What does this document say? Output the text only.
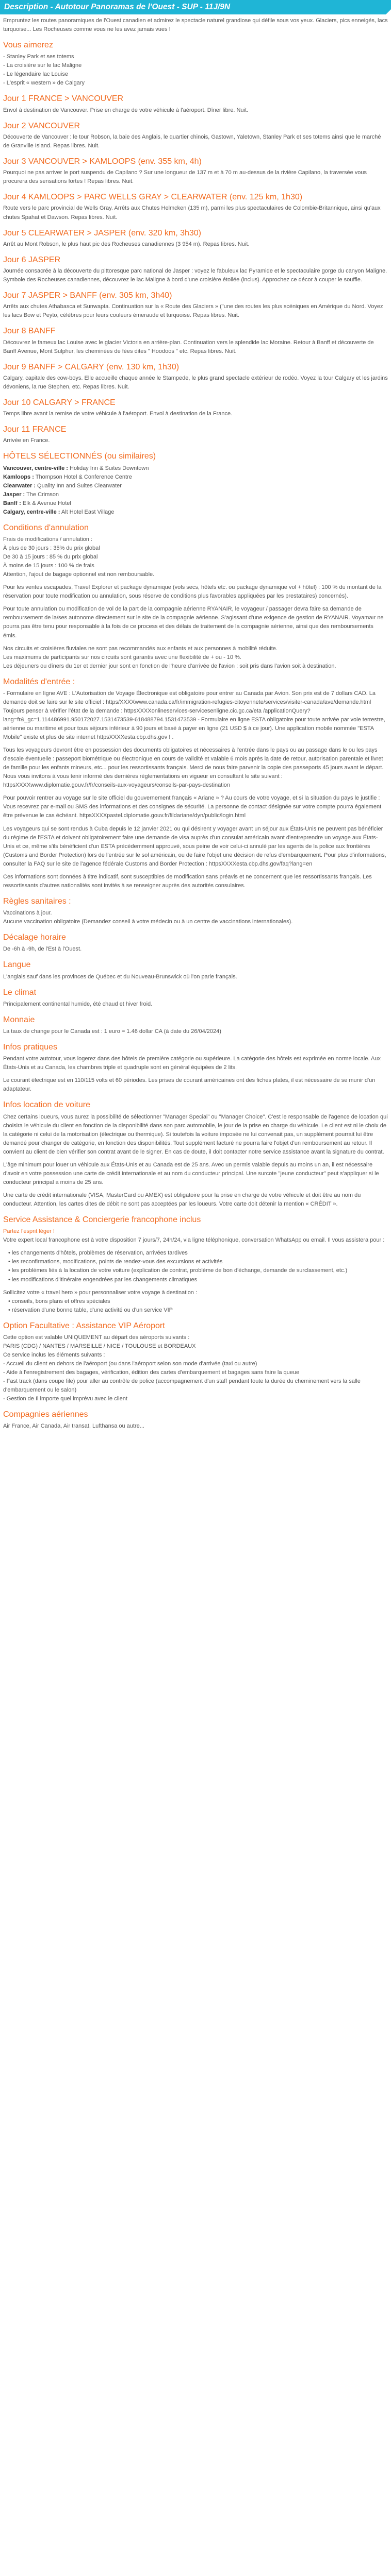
Description - Autotour Panoramas de l'Ouest - SUP - 11J/9N

Empruntez les routes panoramiques de l'Ouest canadien et admirez le spectacle naturel grandiose qui défile sous vos yeux. Glaciers, pics enneigés, lacs turquoise... Les Rocheuses comme vous ne les avez jamais vues !

Vous aimerez
- Stanley Park et ses totems
- La croisière sur le lac Maligne
- Le légendaire lac Louise
- L'esprit « western » de Calgary
Jour 1 FRANCE > VANCOUVER

Envol à destination de Vancouver. Prise en charge de votre véhicule à l'aéroport. Dîner libre. Nuit.

Jour 2 VANCOUVER

Découverte de Vancouver : le tour Robson, la baie des Anglais, le quartier chinois, Gastown, Yaletown, Stanley Park et ses totems ainsi que le marché de Granville Island. Repas libres. Nuit.

Jour 3 VANCOUVER > KAMLOOPS (env. 355 km, 4h)

Pourquoi ne pas arriver le port suspendu de Capilano ? Sur une longueur de 137 m et à 70 m au-dessus de la rivière Capilano, la traversée vous procurera des sensations fortes ! Repas libres. Nuit.

Jour 4 KAMLOOPS > PARC WELLS GRAY > CLEARWATER (env. 125 km, 1h30)

Route vers le parc provincial de Wells Gray. Arrêts aux Chutes Helmcken (135 m), parmi les plus spectaculaires de Colombie-Britannique, ainsi qu'aux chutes Spahat et Dawson. Repas libres. Nuit.

Jour 5 CLEARWATER > JASPER (env. 320 km, 3h30)

Arrêt au Mont Robson, le plus haut pic des Rocheuses canadiennes (3 954 m). Repas libres. Nuit.

Jour 6 JASPER

Journée consacrée à la découverte du pittoresque parc national de Jasper : voyez le fabuleux lac Pyramide et le spectaculaire gorge du canyon Maligne. Symbole des Rocheuses canadiennes, découvrez le lac Maligne à bord d'une croisière étoilée (inclus). Approchez ce décor à couper le souffle.

Jour 7 JASPER > BANFF (env. 305 km, 3h40)

Arrêts aux chutes Athabasca et Sunwapta. Continuation sur la « Route des Glaciers » ("une des routes les plus scéniques en Amérique du Nord. Voyez les lacs Bow et Peyto, célèbres pour leurs couleurs émeraude et turquoise. Repas libres. Nuit.

Jour 8 BANFF

Découvrez le fameux lac Louise avec le glacier Victoria en arrière-plan. Continuation vers le splendide lac Moraine. Retour à Banff et découverte de Banff Avenue, Mont Sulphur, les cheminées de fées dites " Hoodoos " etc. Repas libres. Nuit.

Jour 9 BANFF > CALGARY (env. 130 km, 1h30)

Calgary, capitale des cow-boys. Elle accueille chaque année le Stampede, le plus grand spectacle extérieur de rodéo. Voyez la tour Calgary et les jardins dévoniens, la rue Stephen, etc. Repas libres. Nuit.

Jour 10 CALGARY > FRANCE

Temps libre avant la remise de votre véhicule à l'aéroport. Envol à destination de la France.

Jour 11 FRANCE

Arrivée en France.

HÔTELS SÉLECTIONNÉS (ou similaires)
Vancouver, centre-ville : Holiday Inn & Suites Downtown
Kamloops : Thompson Hotel & Conference Centre
Clearwater : Quality Inn and Suites Clearwater
Jasper : The Crimson
Banff : Elk & Avenue Hotel
Calgary, centre-ville : Alt Hotel East Village
Conditions d'annulation
Frais de modifications / annulation :
À plus de 30 jours : 35% du prix global
De 30 à 15 jours : 85 % du prix global
À moins de 15 jours : 100 % de frais
Attention, l'ajout de bagage optionnel est non remboursable.

Pour les ventes escapades, Travel Explorer et package dynamique (vols secs, hôtels etc. ou package dynamique vol + hôtel) : 100 % du montant de la réservation pour toute modification ou annulation, sous réserve de conditions plus favorables appliquées par les prestataires) concernés).

Pour toute annulation ou modification de vol de la part de la compagnie aérienne RYANAIR, le voyageur / passager devra faire sa demande de remboursement de la/ses autonome directement sur le site de la compagnie aérienne. S'agissant d'une exigence de gestion de RYANAIR. Voyamaır ne pourra pas être tenu pour responsable à la fois de ce process et des délais de traitement de la compagnie aérienne, ainsi que des remboursements émis.

Nos circuits et croisières fluviales ne sont pas recommandés aux enfants et aux personnes à mobilité réduite.
Les maximums de participants sur nos circuits sont garantis avec une flexibilité de + ou - 10 %.
Les déjeuners ou dîners du 1er et dernier jour sont en fonction de l'heure d'arrivée de l'avion : soit pris dans l'avion soit à destination.
Modalités d'entrée :

- Formulaire en ligne AVE : L'Autorisation de Voyage Électronique est obligatoire pour entrer au Canada par Avion. Son prix est de 7 dollars CAD. La demande doit se faire sur le site officiel : https/XXXXwww.canada.ca/fr/immigration-refugies-citoyennete/services/visiter-canada/ave/demande.html Toujours penser à vérifier l'état de la demande : httpsXXXXonlineservices-servicesenligne.cic.gc.ca/eta /applicationQuery?lang=fr&_gc=1.114486991.950172027.1531473539-618488794.1531473539 - Formulaire en ligne ESTA obligatoire pour toute arrivée par voie terrestre, aérienne ou maritime et pour tous séjours inférieur à 90 jours et basé à payer en ligne (21 USD $ à ce jour). Une application mobile nommée "ESTA Mobile" existe et plus de site internet httpsXXXXesta.cbp.dhs.gov ! .

Tous les voyageurs devront être en possession des documents obligatoires et nécessaires à l'entrée dans le pays ou au passage dans le ou les pays d'escale éventuelle : passeport biométrique ou électronique en cours de validité et valable 6 mois après la date de retour, autorisation parentale et livret de famille pour les enfants mineurs, etc... pour les ressortissants français. Merci de nous faire parvenir la copie des passeports 45 jours avant le départ. Nous vous invitons à vous tenir informé des dernières réglementations en vigueur en consultant le site suivant : httpsXXXXwww.diplomatie.gouv.fr/fr/conseils-aux-voyageurs/conseils-par-pays-destination

Pour pouvoir rentrer au voyage sur le site officiel du gouvernement français « Ariane » ? Au cours de votre voyage, et si la situation du pays le justifie : Vous recevrez par e-mail ou SMS des informations et des consignes de sécurité. La personne de contact désignée sur votre compte pourra également être prévenue le cas échéant. httpsXXXXpastel.diplomatie.gouv.fr/fildariane/dyn/public/login.html

Les voyageurs qui se sont rendus à Cuba depuis le 12 janvier 2021 ou qui désirent y voyager avant un séjour aux États-Unis ne peuvent pas bénéficier du régime de l'ESTA et doivent obligatoirement faire une demande de visa auprès d'un consulat américain avant d'entreprendre un voyage aux États-Unis et ce, même s'ils bénéficient d'un ESTA précédemment approuvé, sous peine de voir celui-ci annulé par les agents de la police aux frontières (Customs and Border Protection) lors de l'entrée sur le sol américain, ou de faire l'objet une décision de refus d'embarquement. Pour plus d'informations, consulter la FAQ sur le site de l'agence fédérale Customs and Border Protection : httpsXXXXesta.cbp.dhs.gov/faq?lang=en

Ces informations sont données à titre indicatif, sont susceptibles de modification sans préavis et ne concernent que les ressortissants français. Les ressortissants d'autres nationalités sont invités à se renseigner auprès des autorités consulaires.

Règles sanitaires :
Vaccinations à jour.
Aucune vaccination obligatoire (Demandez conseil à votre médecin ou à un centre de vaccinations internationales).
Décalage horaire

De -6h à -9h, de l'Est à l'Ouest.

Langue

L'anglais sauf dans les provinces de Québec et du Nouveau-Brunswick où l'on parle français.

Le climat

Principalement continental humide, été chaud et hiver froid.

Monnaie

La taux de change pour le Canada est : 1 euro = 1.46 dollar CA (à date du 26/04/2024)

Infos pratiques

Pendant votre autotour, vous logerez dans des hôtels de première catégorie ou supérieure. La catégorie des hôtels est exprimée en norme locale. Aux États-Unis et au Canada, les chambres triple et quadruple sont en général équipées de 2 lits.

Le courant électrique est en 110/115 volts et 60 périodes. Les prises de courant américaines ont des fiches plates, il est nécessaire de se munir d'un adaptateur.

Infos location de voiture

Chez certains loueurs, vous aurez la possibilité de sélectionner "Manager Special" ou "Manager Choice". C'est le responsable de l'agence de location qui choisira le véhicule du client en fonction de la disponibilité dans son parc automobile, le jour de la prise en charge du véhicule. Le client est ni le choix de la catégorie ni celui de la motorisation (électrique ou thermique). Si toutefois la voiture imposée ne lui convenait pas, un supplément pourrait lui être demandé pour changer de catégorie, en fonction des disponibilités. Tout supplément facturé ne pourra faire l'objet d'un remboursement au retour. Il convient au client de bien vérifier son contrat avant de le signer. En cas de doute, il doit contacter notre service assistance avant la signature du contrat.

L'âge minimum pour louer un véhicule aux États-Unis et au Canada est de 25 ans. Avec un permis valable depuis au moins un an, il est nécessaire d'avoir en votre possession une carte de crédit internationale et au nom du conducteur principal. Une surcote "jeune conducteur" peut s'appliquer si le conducteur principal a moins de 25 ans.

Une carte de crédit internationale (VISA, MasterCard ou AMEX) est obligatoire pour la prise en charge de votre véhicule et doit être au nom du conducteur. Attention, les cartes dites de débit ne sont pas acceptées par les loueurs. Votre carte doit détenir la mention « CRÉDIT ».

Service Assistance & Conciergerie francophone inclus
Partez l'esprit léger !

Votre expert local francophone est à votre disposition 7 jours/7, 24h/24, via ligne téléphonique, conversation WhatsApp ou email. Il vous assistera pour :

• les changements d'hôtels, problèmes de réservation, arrivées tardives
• les reconfirmations, modifications, points de rendez-vous des excursions et activités
• les problèmes liés à la location de votre voiture (explication de contrat, problème de bon d'échange, demande de surclassement, etc.)
• les modifications d'itinéraire engendrées par les changements climatiques
Sollicitez votre « travel hero » pour personnaliser votre voyage à destination :
• conseils, bons plans et offres spéciales
• réservation d'une bonne table, d'une activité ou d'un service VIP
Option Facultative : Assistance VIP Aéroport
Cette option est valable UNIQUEMENT au départ des aéroports suivants :
PARIS (CDG) / NANTES / MARSEILLE / NICE / TOULOUSE et BORDEAUX
Ce service inclus les éléments suivants :
- Accueil du client en dehors de l'aéroport (ou dans l'aéroport selon son mode d'arrivée (taxi ou autre)
- Aide à l'enregistrement des bagages, vérification, édition des cartes d'embarquement et bagages sans faire la queue
- Fast track (dans coupe file) pour aller au contrôle de police (accompagnement d'un staff pendant toute la durée du cheminement vers la salle d'embarquement ou le salon)
- Gestion de Il importe quel imprévu avec le client
Compagnies aériennes

Air France, Air Canada, Air transat, Lufthansa ou autre...
